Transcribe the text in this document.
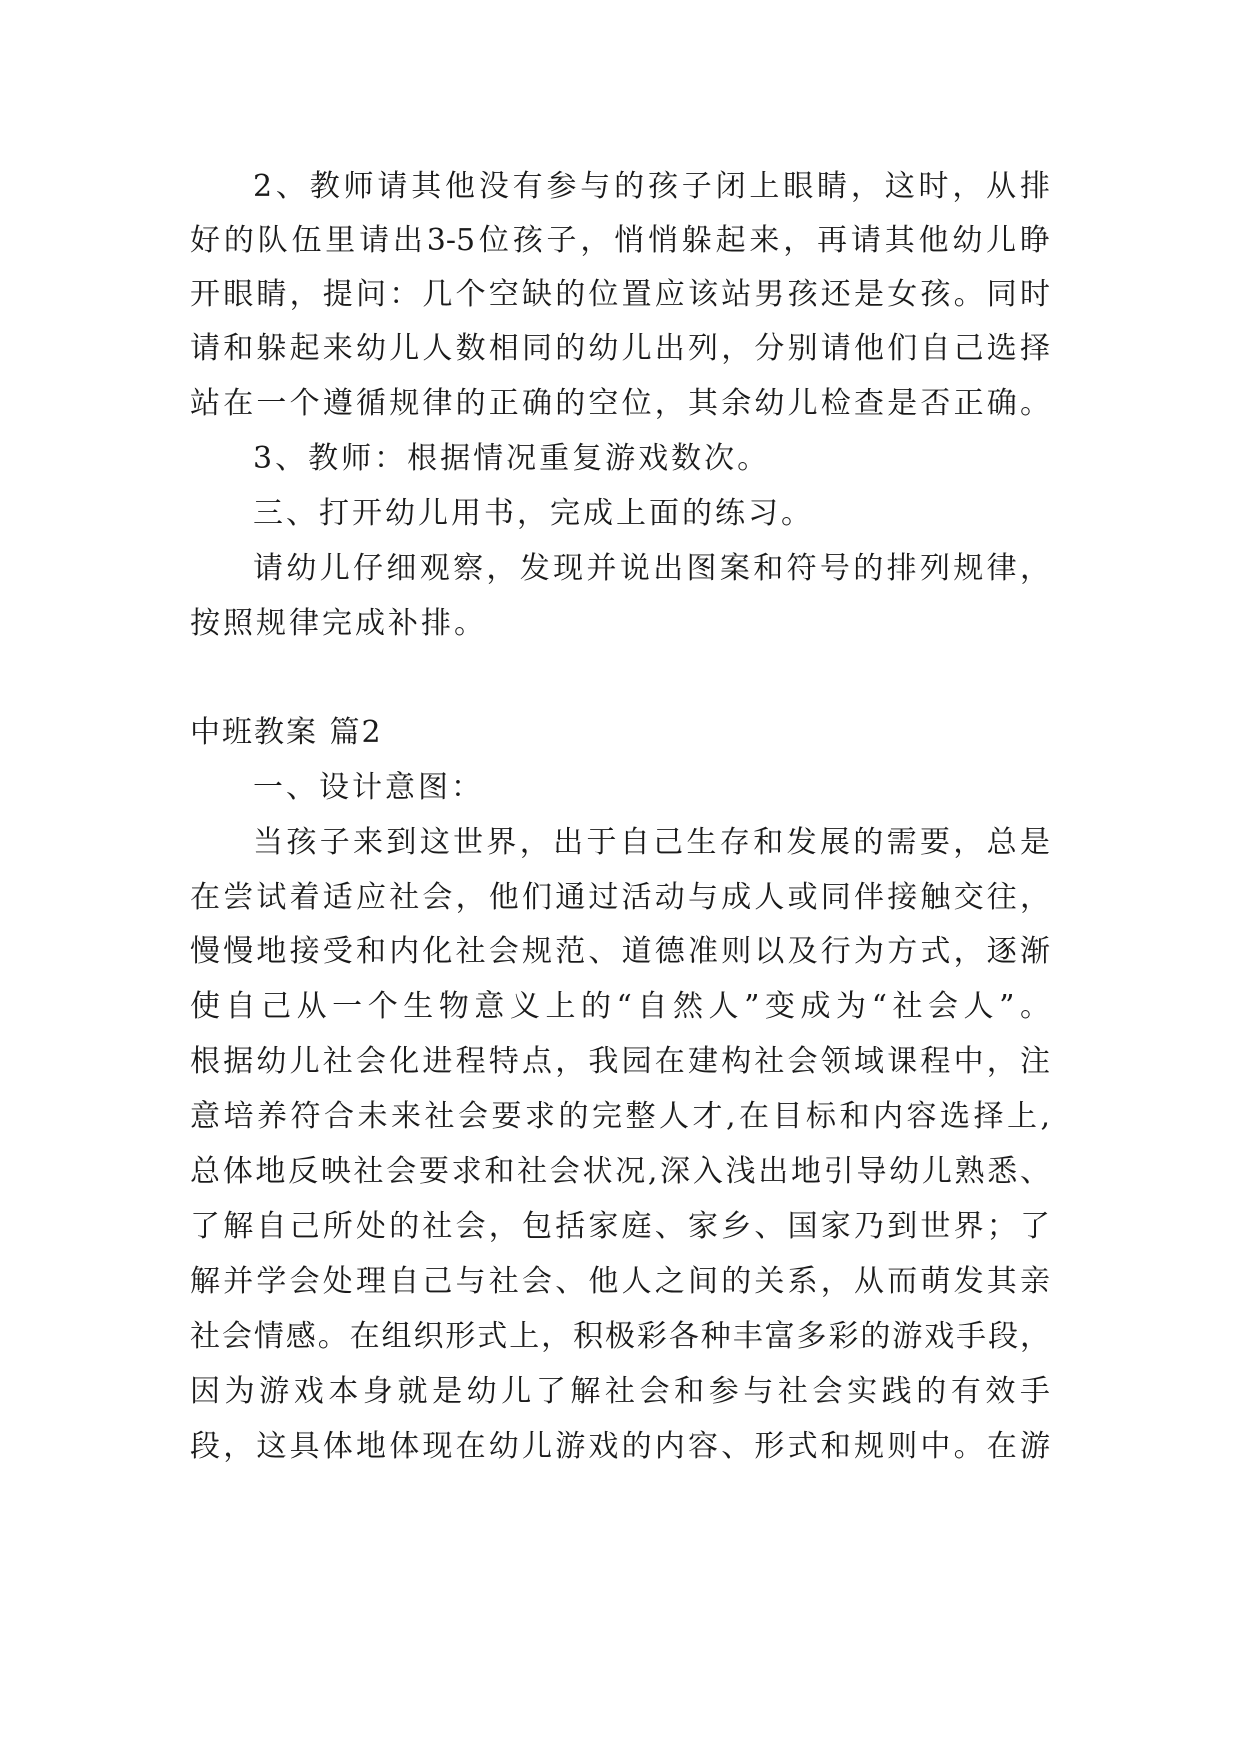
2、教师请其他没有参与的孩子闭上眼睛，这时，从排
好的队伍里请出3-5位孩子，悄悄躲起来，再请其他幼儿睁
开眼睛，提问：几个空缺的位置应该站男孩还是女孩。同时
请和躲起来幼儿人数相同的幼儿出列，分别请他们自己选择
站在一个遵循规律的正确的空位，其余幼儿检查是否正确。
3、教师：根据情况重复游戏数次。
三、打开幼儿用书，完成上面的练习。
请幼儿仔细观察，发现并说出图案和符号的排列规律，
按照规律完成补排。
中班教案 篇2
一、设计意图：
当孩子来到这世界，出于自己生存和发展的需要，总是
在尝试着适应社会，他们通过活动与成人或同伴接触交往，
慢慢地接受和内化社会规范、道德准则以及行为方式，逐渐
使自己从一个生物意义上的“自然人”变成为“社会人”。
根据幼儿社会化进程特点，我园在建构社会领域课程中，注
意培养符合未来社会要求的完整人才,在目标和内容选择上,
总体地反映社会要求和社会状况,深入浅出地引导幼儿熟悉、
了解自己所处的社会，包括家庭、家乡、国家乃到世界；了
解并学会处理自己与社会、他人之间的关系，从而萌发其亲
社会情感。在组织形式上，积极彩各种丰富多彩的游戏手段，
因为游戏本身就是幼儿了解社会和参与社会实践的有效手
段，这具体地体现在幼儿游戏的内容、形式和规则中。在游
